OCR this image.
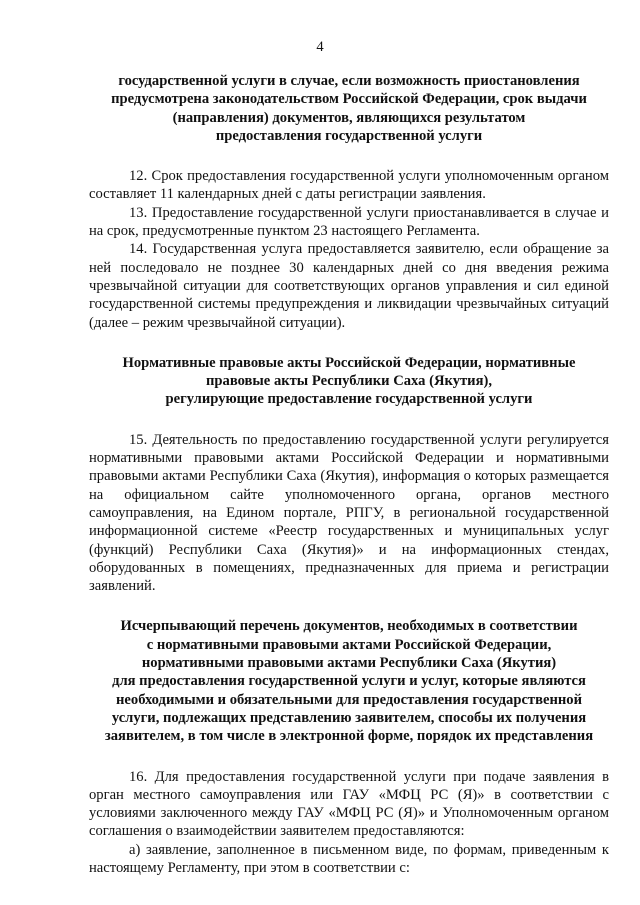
4
государственной услуги в случае, если возможность приостановления
предусмотрена законодательством Российской Федерации, срок выдачи
(направления) документов, являющихся результатом
предоставления государственной услуги

12. Срок предоставления государственной услуги уполномоченным органом составляет 11 календарных дней с даты регистрации заявления.

13. Предоставление государственной услуги приостанавливается в случае и на срок, предусмотренные пунктом 23 настоящего Регламента.

14. Государственная услуга предоставляется заявителю, если обращение за ней последовало не позднее 30 календарных дней со дня введения режима чрезвычайной ситуации для соответствующих органов управления и сил единой государственной системы предупреждения и ликвидации чрезвычайных ситуаций (далее – режим чрезвычайной ситуации).

Нормативные правовые акты Российской Федерации, нормативные
правовые акты Республики Саха (Якутия),
регулирующие предоставление государственной услуги

15. Деятельность по предоставлению государственной услуги регулируется нормативными правовыми актами Российской Федерации и нормативными правовыми актами Республики Саха (Якутия), информация о которых размещается на официальном сайте уполномоченного органа, органов местного самоуправления, на Едином портале, РПГУ, в региональной государственной информационной системе «Реестр государственных и муниципальных услуг (функций) Республики Саха (Якутия)» и на информационных стендах, оборудованных в помещениях, предназначенных для приема и регистрации заявлений.

Исчерпывающий перечень документов, необходимых в соответствии
с нормативными правовыми актами Российской Федерации,
нормативными правовыми актами Республики Саха (Якутия)
для предоставления государственной услуги и услуг, которые являются
необходимыми и обязательными для предоставления государственной
услуги, подлежащих представлению заявителем, способы их получения
заявителем, в том числе в электронной форме, порядок их представления

16. Для предоставления государственной услуги при подаче заявления в орган местного самоуправления или ГАУ «МФЦ РС (Я)» в соответствии с условиями заключенного между ГАУ «МФЦ РС (Я)» и Уполномоченным органом соглашения о взаимодействии заявителем предоставляются:

а) заявление, заполненное в письменном виде, по формам, приведенным к настоящему Регламенту, при этом в соответствии с:
